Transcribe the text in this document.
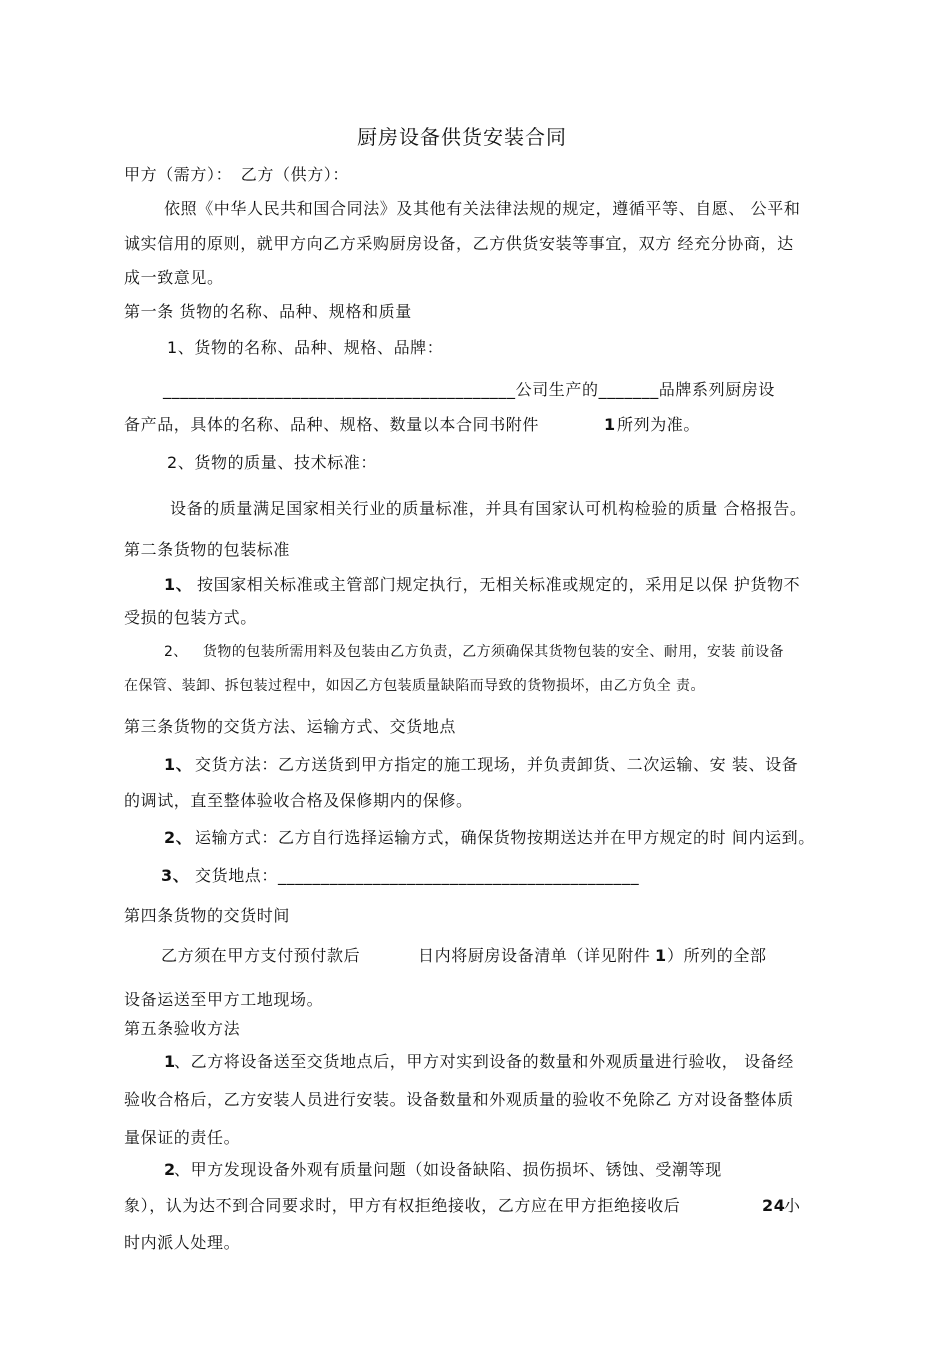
厨房设备供货安装合同
甲方（需方）：　乙方（供方）：
依照《中华人民共和国合同法》及其他有关法律法规的规定，遵循平等、自愿、 公平和
诚实信用的原则，就甲方向乙方采购厨房设备，乙方供货安装等事宜，双方 经充分协商，达
成一致意见。
第一条 货物的名称、品种、规格和质量
1、货物的名称、品种、规格、品牌：
_________________________________________公司生产的_______品牌系列厨房设
备产品，具体的名称、品种、规格、数量以本合同书附件	1 所列为准。
2、货物的质量、技术标准：
设备的质量满足国家相关行业的质量标准，并具有国家认可机构检验的质量 合格报告。
第二条货物的包装标准
1、 按国家相关标准或主管部门规定执行，无相关标准或规定的，采用足以保 护货物不
受损的包装方式。
2、 货物的包装所需用料及包装由乙方负责，乙方须确保其货物包装的安全、耐用，安装 前设备
在保管、装卸、拆包装过程中，如因乙方包装质量缺陷而导致的货物损坏，由乙方负全 责。
第三条货物的交货方法、运输方式、交货地点
1、 交货方法：乙方送货到甲方指定的施工现场，并负责卸货、二次运输、安 装、设备
的调试，直至整体验收合格及保修期内的保修。
2、 运输方式：乙方自行选择运输方式，确保货物按期送达并在甲方规定的时 间内运到。
3、 交货地点：__________________________________________
第四条货物的交货时间
乙方须在甲方支付预付款后	日内将厨房设备清单（详见附件 1 ）所列的全部
设备运送至甲方工地现场。
第五条验收方法
1
、乙方将设备送至交货地点后，甲方对实到设备的数量和外观质量进行验收， 设备经
验收合格后，乙方安装人员进行安装。设备数量和外观质量的验收不免除乙 方对设备整体质
量保证的责任。
2
、甲方发现设备外观有质量问题（如设备缺陷、损伤损坏、锈蚀、受潮等现
象），认为达不到合同要求时，甲方有权拒绝接收，乙方应在甲方拒绝接收后	24
小
时内派人处理。
